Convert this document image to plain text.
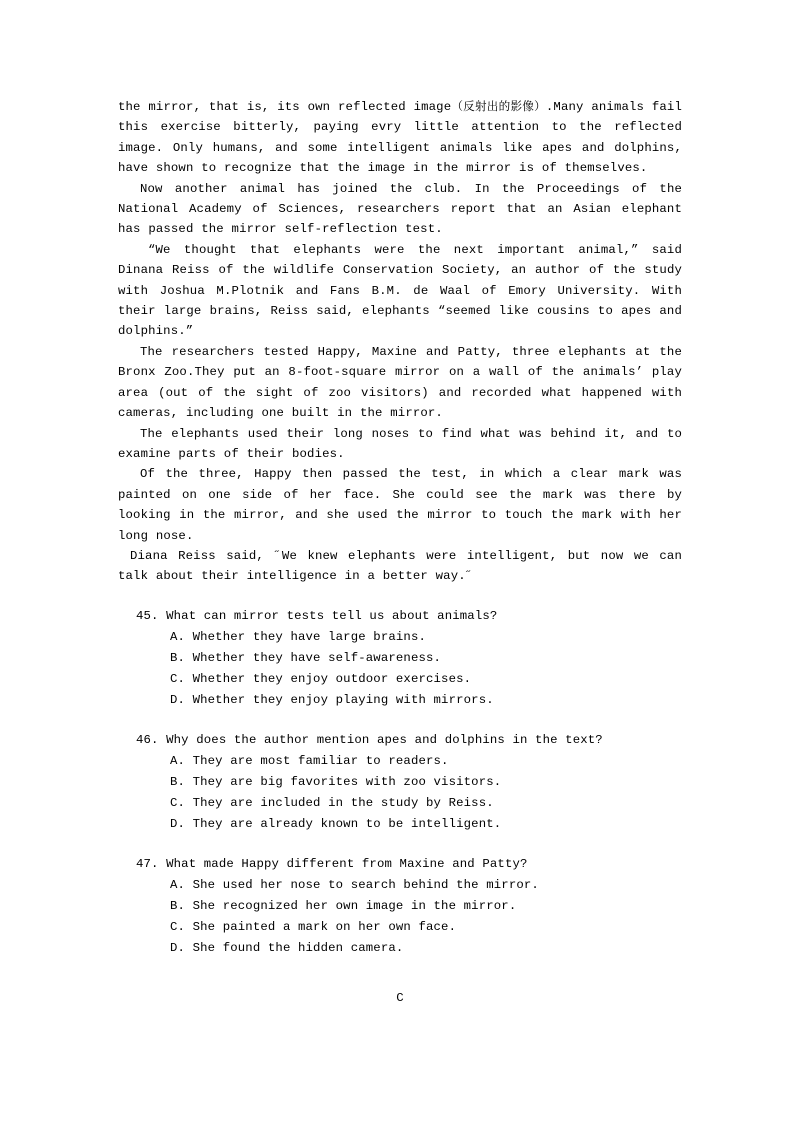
the mirror, that is, its own reflected image（反射出的影像）.Many animals fail this exercise bitterly, paying evry little attention to the reflected image. Only humans, and some intelligent animals like apes and dolphins, have shown to recognize that the image in the mirror is of themselves.

Now another animal has joined the club. In the Proceedings of the National Academy of Sciences, researchers report that an Asian elephant has passed the mirror self-reflection test.

“We thought that elephants were the next important animal,” said Dinana Reiss of the wildlife Conservation Society, an author of the study with Joshua M.Plotnik and Fans B.M. de Waal of Emory University. With their large brains, Reiss said, elephants “seemed like cousins to apes and dolphins.”

The researchers tested Happy, Maxine and Patty, three elephants at the Bronx Zoo.They put an 8-foot-square mirror on a wall of the animals’ play area (out of the sight of zoo visitors) and recorded what happened with cameras, including one built in the mirror.

The elephants used their long noses to find what was behind it, and to examine parts of their bodies.

Of the three, Happy then passed the test, in which a clear mark was painted on one side of her face. She could see the mark was there by looking in the mirror, and she used the mirror to touch the mark with her long nose.

Diana Reiss said, ˝We knew elephants were intelligent, but now we can talk about their intelligence in a better way.˝

45. What can mirror tests tell us about animals?

A. Whether they have large brains.

B. Whether they have self-awareness.

C. Whether they enjoy outdoor exercises.

D. Whether they enjoy playing with mirrors.

46. Why does the author mention apes and dolphins in the text?

A. They are most familiar to readers.

B. They are big favorites with zoo visitors.

C. They are included in the study by Reiss.

D. They are already known to be intelligent.

47. What made Happy different from Maxine and Patty?

A. She used her nose to search behind the mirror.

B. She recognized her own image in the mirror.

C. She painted a mark on her own face.

D. She found the hidden camera.

C
